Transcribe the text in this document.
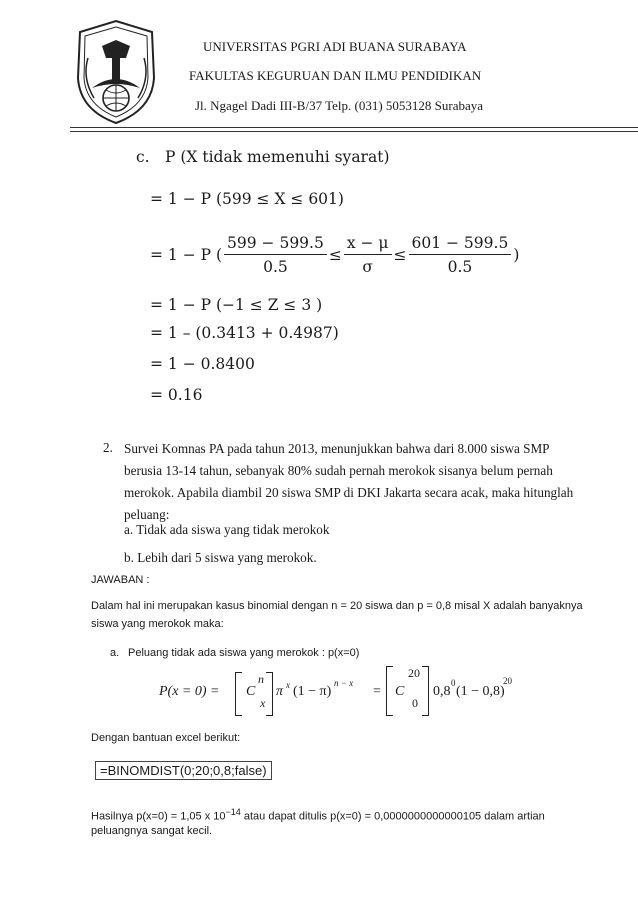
UNIVERSITAS PGRI ADI BUANA SURABAYA
FAKULTAS KEGURUAN DAN ILMU PENDIDIKAN
Jl. Ngagel Dadi III-B/37 Telp. (031) 5053128 Surabaya
c. P (X tidak memenuhi syarat)
= 1 − P (599 ≤ X ≤ 601)
= 1 − P ( $\frac{599 - 599.5}{0.5} \le \frac{x - \mu}{\sigma} \le \frac{601 - 599.5}{0.5}$ )
= 1 − P (−1 ≤ Z ≤ 3 )
= 1 – (0.3413 + 0.4987)
= 1 − 0.8400
= 0.16
2. Survei Komnas PA pada tahun 2013, menunjukkan bahwa dari 8.000 siswa SMP berusia 13-14 tahun, sebanyak 80% sudah pernah merokok sisanya belum pernah merokok. Apabila diambil 20 siswa SMP di DKI Jakarta secara acak, maka hitunglah peluang:
a. Tidak ada siswa yang tidak merokok
b. Lebih dari 5 siswa yang merokok.
JAWABAN :
Dalam hal ini merupakan kasus binomial dengan n = 20 siswa dan p = 0,8 misal X adalah banyaknya
siswa yang merokok maka:
a. Peluang tidak ada siswa yang merokok : p(x=0)
P(x = 0) = C
n
x
π x (1 − π)
n − x
= C
20
0
0,8
0
(1 − 0,8)
20
Dengan bantuan excel berikut:
=BINOMDIST(0;20;0,8;false)
Hasilnya p(x=0) = 1,05 x $10^{-14}$ atau dapat ditulis p(x=0) = 0,0000000000000105 dalam artian
peluangnya sangat kecil.
